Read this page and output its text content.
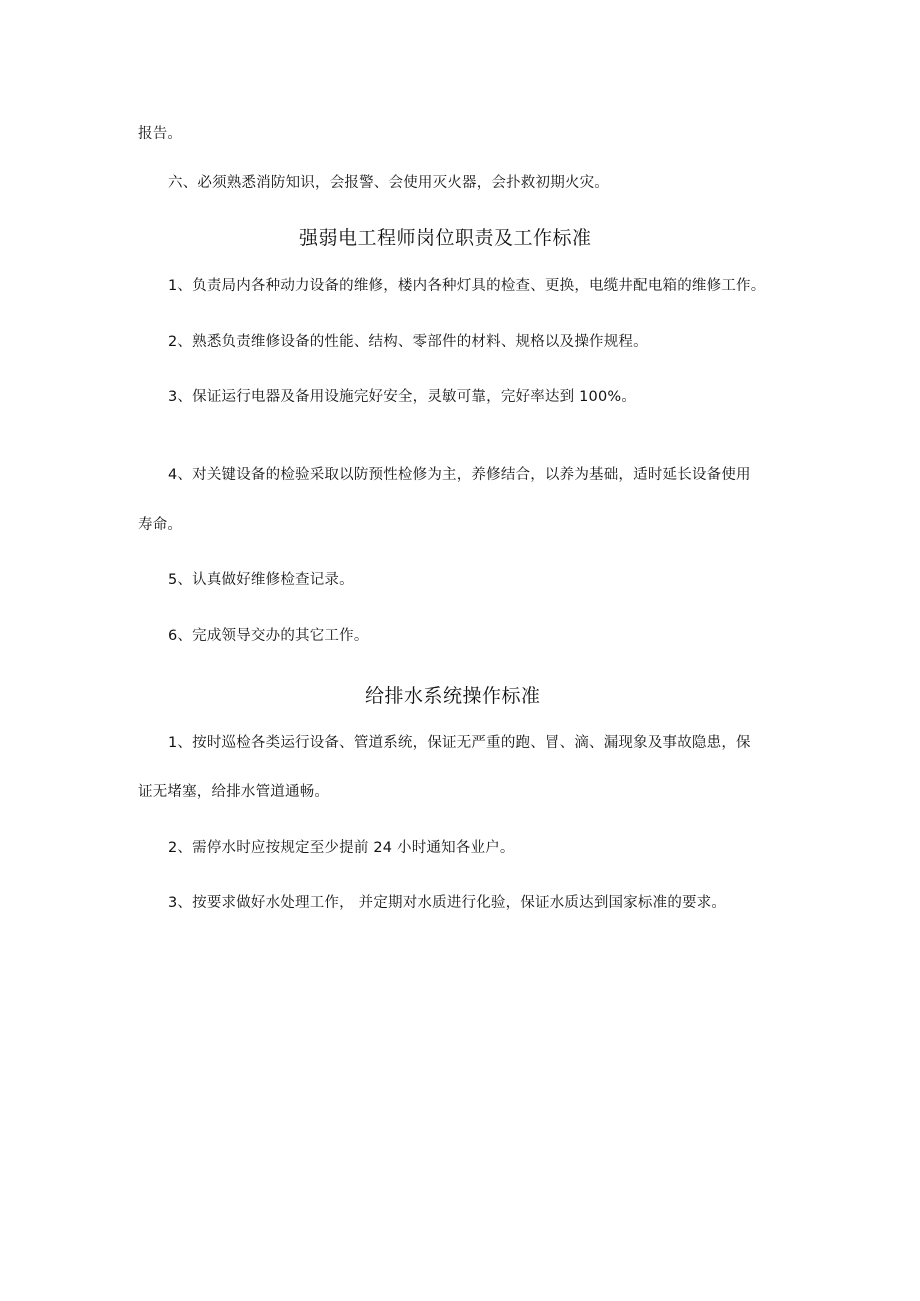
报告。
六、必须熟悉消防知识，会报警、会使用灭火器，会扑救初期火灾。
强弱电工程师岗位职责及工作标准
1、负责局内各种动力设备的维修，楼内各种灯具的检查、更换，电缆井配电箱的维修工作。
2、熟悉负责维修设备的性能、结构、零部件的材料、规格以及操作规程。
3、保证运行电器及备用设施完好安全，灵敏可靠，完好率达到 100%。
4、对关键设备的检验采取以防预性检修为主，养修结合，以养为基础，适时延长设备使用
寿命。
5、认真做好维修检查记录。
6、完成领导交办的其它工作。
给排水系统操作标准
1、按时巡检各类运行设备、管道系统，保证无严重的跑、冒、滴、漏现象及事故隐患，保
证无堵塞，给排水管道通畅。
2、需停水时应按规定至少提前 24 小时通知各业户。
3、按要求做好水处理工作， 并定期对水质进行化验，保证水质达到国家标准的要求。
